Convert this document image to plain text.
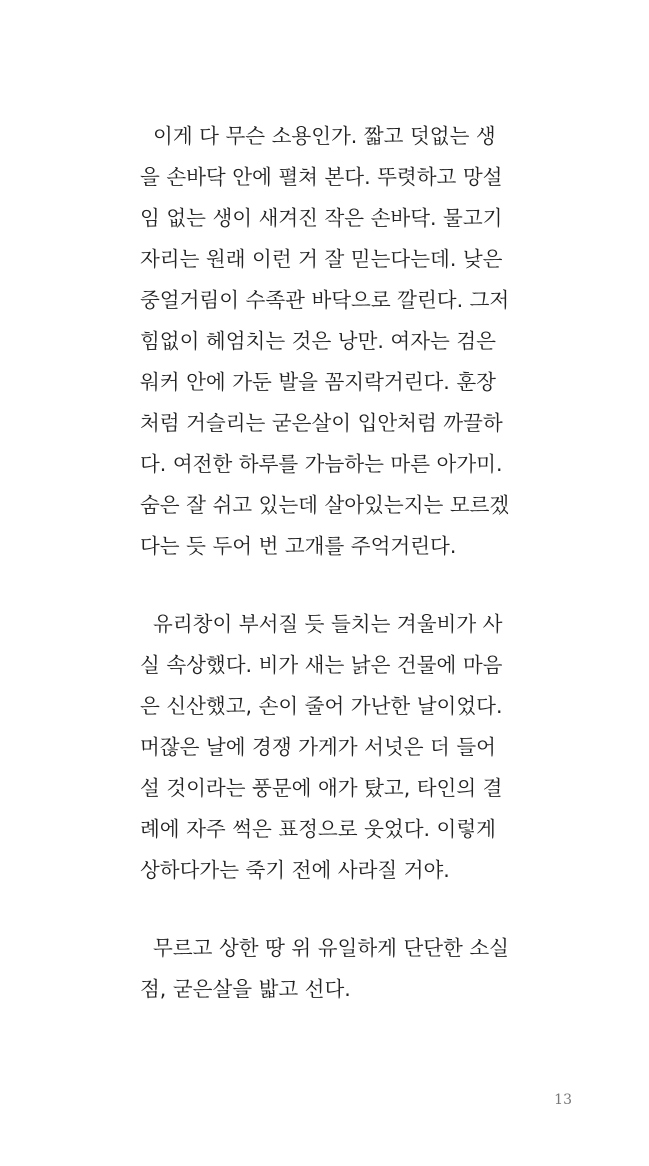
이게 다 무슨 소용인가. 짧고 덧없는 생
을 손바닥 안에 펼쳐 본다. 뚜렷하고 망설
임 없는 생이 새겨진 작은 손바닥. 물고기
자리는 원래 이런 거 잘 믿는다는데. 낮은
중얼거림이 수족관 바닥으로 깔린다. 그저
힘없이 헤엄치는 것은 낭만. 여자는 검은
워커 안에 가둔 발을 꼼지락거린다. 훈장
처럼 거슬리는 굳은살이 입안처럼 까끌하
다. 여전한 하루를 가늠하는 마른 아가미.
숨은 잘 쉬고 있는데 살아있는지는 모르겠
다는 듯 두어 번 고개를 주억거린다.
유리창이 부서질 듯 들치는 겨울비가 사
실 속상했다. 비가 새는 낡은 건물에 마음
은 신산했고, 손이 줄어 가난한 날이었다.
머잖은 날에 경쟁 가게가 서넛은 더 들어
설 것이라는 풍문에 애가 탔고, 타인의 결
례에 자주 썩은 표정으로 웃었다. 이렇게
상하다가는 죽기 전에 사라질 거야.
무르고 상한 땅 위 유일하게 단단한 소실
점, 굳은살을 밟고 선다.
13
